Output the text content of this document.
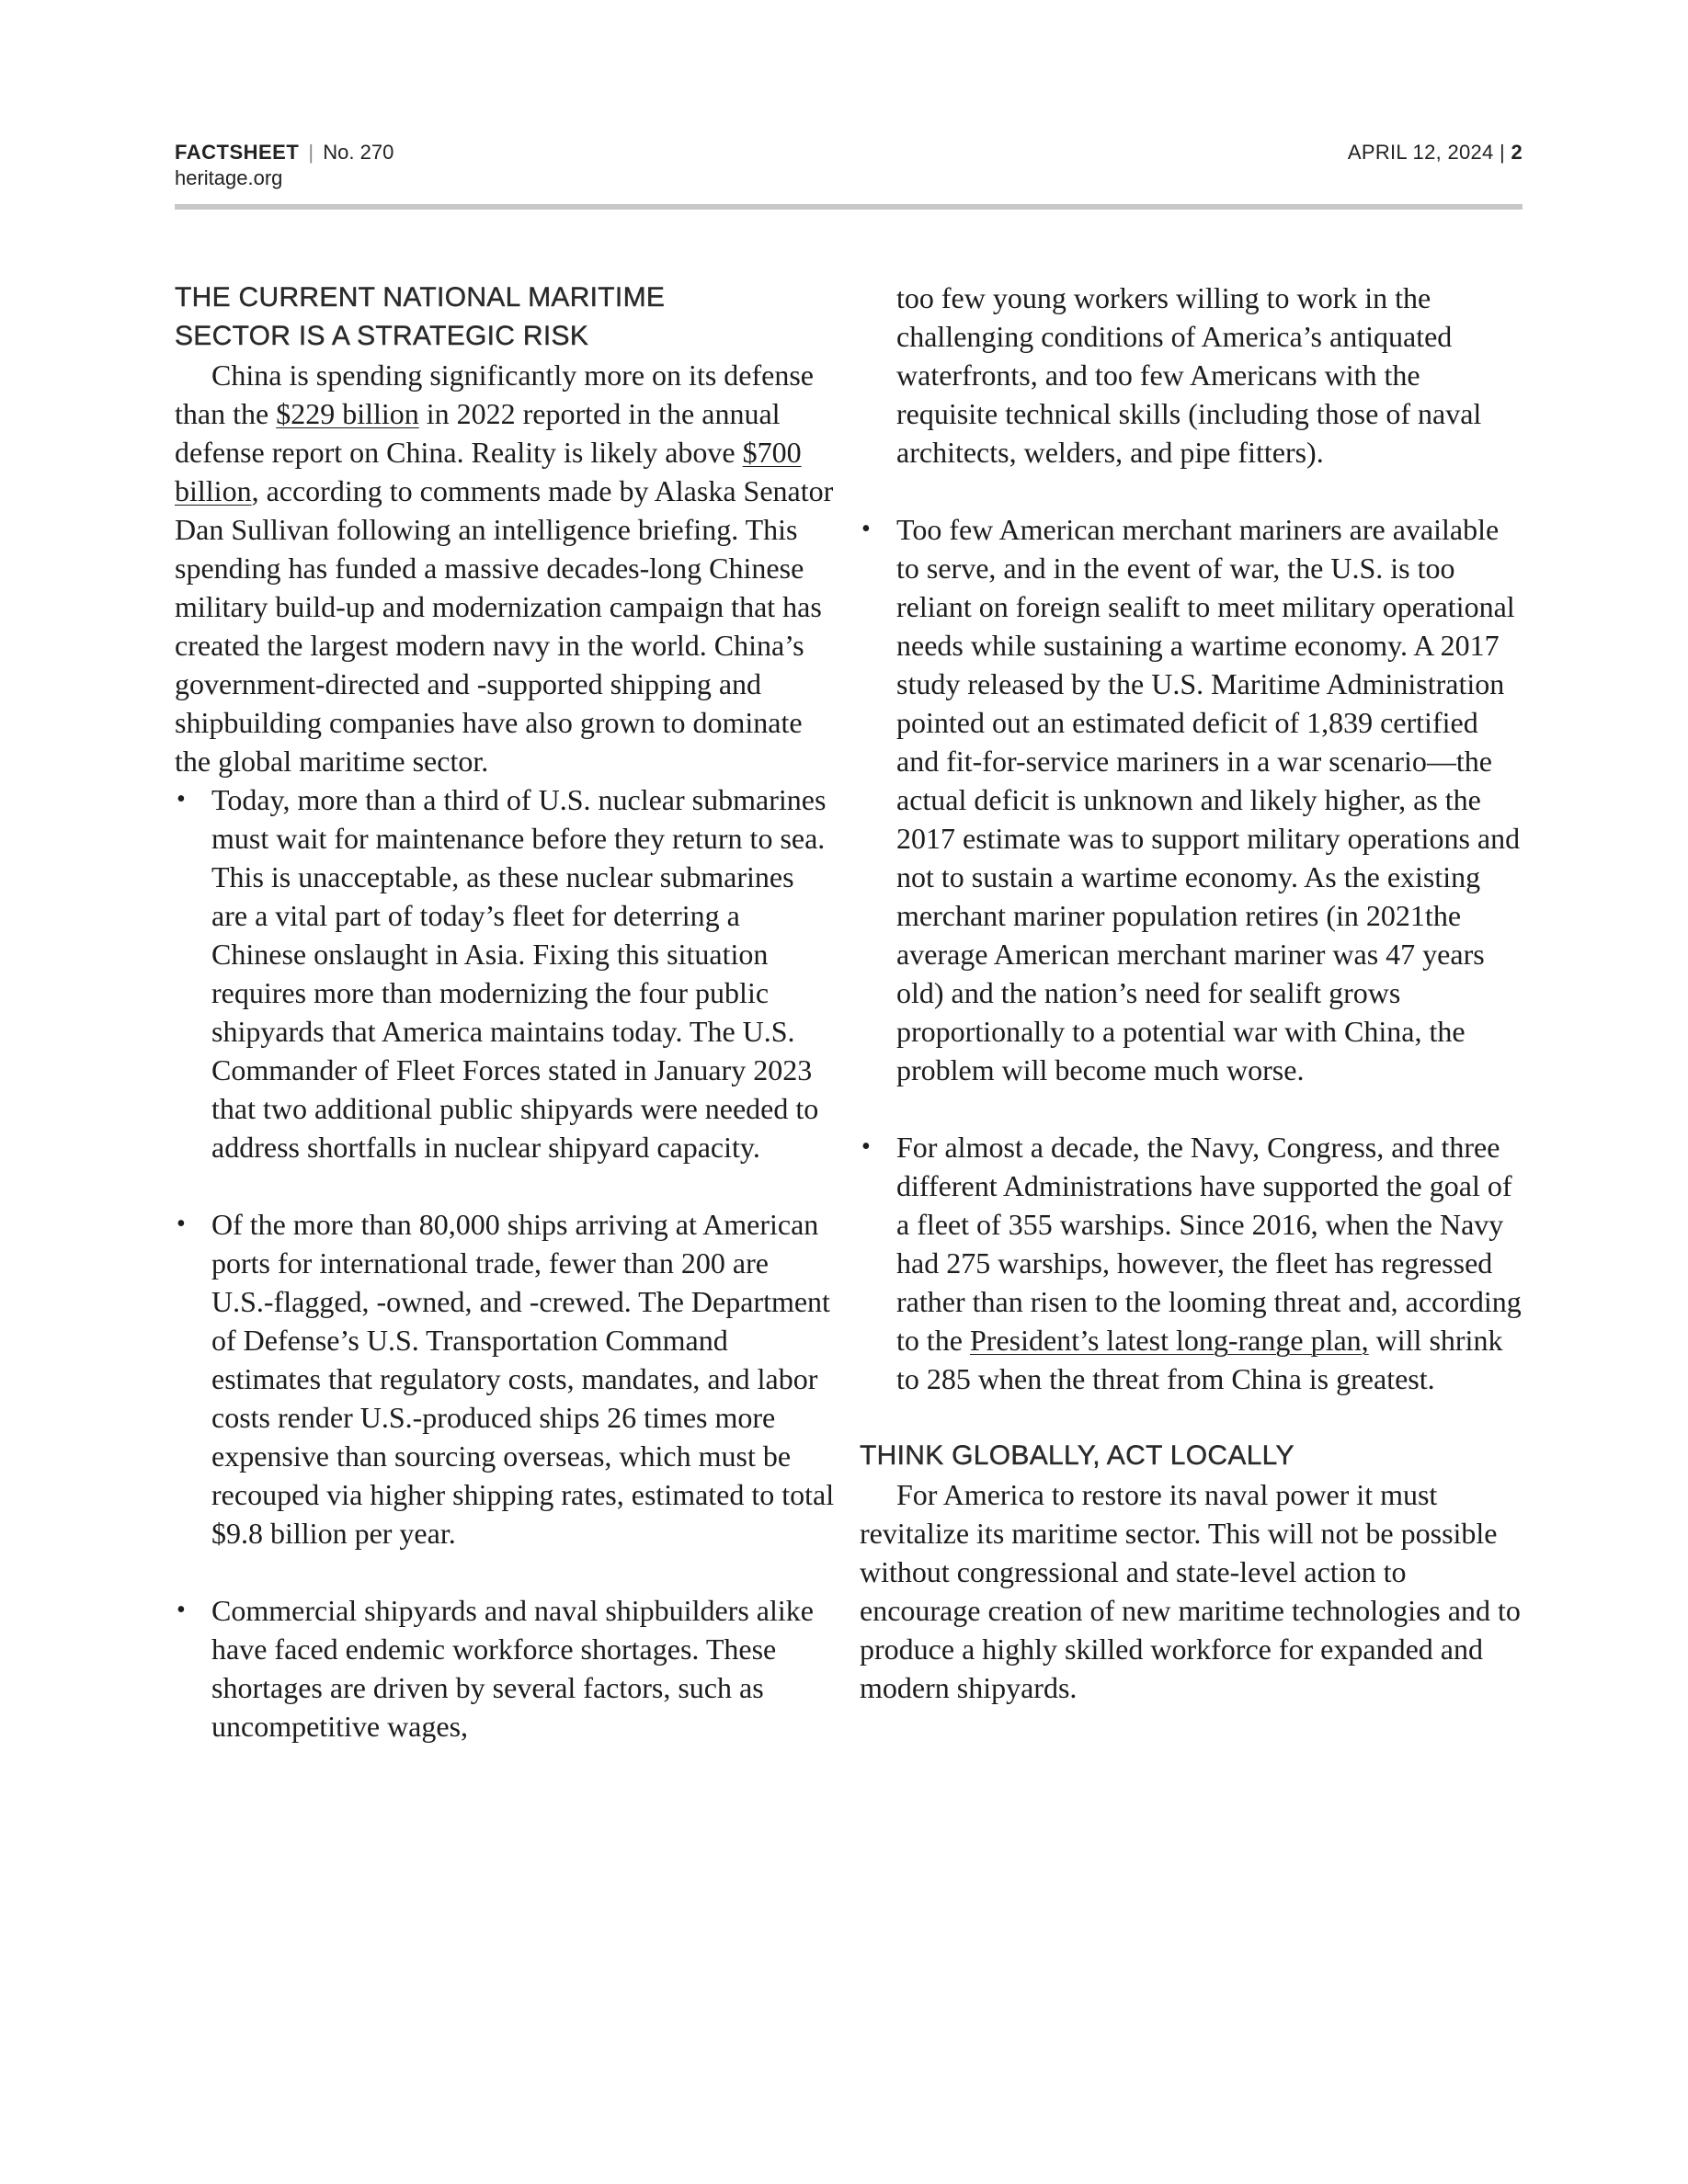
FACTSHEET | No. 270
heritage.org
APRIL 12, 2024 | 2
THE CURRENT NATIONAL MARITIME
SECTOR IS A STRATEGIC RISK

China is spending significantly more on its defense than the $229 billion in 2022 reported in the annual defense report on China. Reality is likely above $700 billion, according to comments made by Alaska Senator Dan Sullivan following an intelligence briefing. This spending has funded a massive decades-long Chinese military build-up and modernization campaign that has created the largest modern navy in the world. China’s government-directed and -supported shipping and shipbuilding companies have also grown to dominate the global maritime sector.

• Today, more than a third of U.S. nuclear submarines must wait for maintenance before they return to sea. This is unacceptable, as these nuclear submarines are a vital part of today’s fleet for deterring a Chinese onslaught in Asia. Fixing this situation requires more than modernizing the four public shipyards that America maintains today. The U.S. Commander of Fleet Forces stated in January 2023 that two additional public shipyards were needed to address shortfalls in nuclear shipyard capacity.
• Of the more than 80,000 ships arriving at American ports for international trade, fewer than 200 are U.S.-flagged, -owned, and -crewed. The Department of Defense’s U.S. Transportation Command estimates that regulatory costs, mandates, and labor costs render U.S.-produced ships 26 times more expensive than sourcing overseas, which must be recouped via higher shipping rates, estimated to total $9.8 billion per year.
• Commercial shipyards and naval shipbuilders alike have faced endemic workforce shortages. These shortages are driven by several factors, such as uncompetitive wages,
too few young workers willing to work in the challenging conditions of America’s antiquated waterfronts, and too few Americans with the requisite technical skills (including those of naval architects, welders, and pipe fitters).
• Too few American merchant mariners are available to serve, and in the event of war, the U.S. is too reliant on foreign sealift to meet military operational needs while sustaining a wartime economy. A 2017 study released by the U.S. Maritime Administration pointed out an estimated deficit of 1,839 certified and fit-for-service mariners in a war scenario—the actual deficit is unknown and likely higher, as the 2017 estimate was to support military operations and not to sustain a wartime economy. As the existing merchant mariner population retires (in 2021the average American merchant mariner was 47 years old) and the nation’s need for sealift grows proportionally to a potential war with China, the problem will become much worse.
• For almost a decade, the Navy, Congress, and three different Administrations have supported the goal of a fleet of 355 warships. Since 2016, when the Navy had 275 warships, however, the fleet has regressed rather than risen to the looming threat and, according to the President’s latest long-range plan, will shrink to 285 when the threat from China is greatest.
THINK GLOBALLY, ACT LOCALLY

For America to restore its naval power it must revitalize its maritime sector. This will not be possible without congressional and state-level action to encourage creation of new maritime technologies and to produce a highly skilled workforce for expanded and modern shipyards.
